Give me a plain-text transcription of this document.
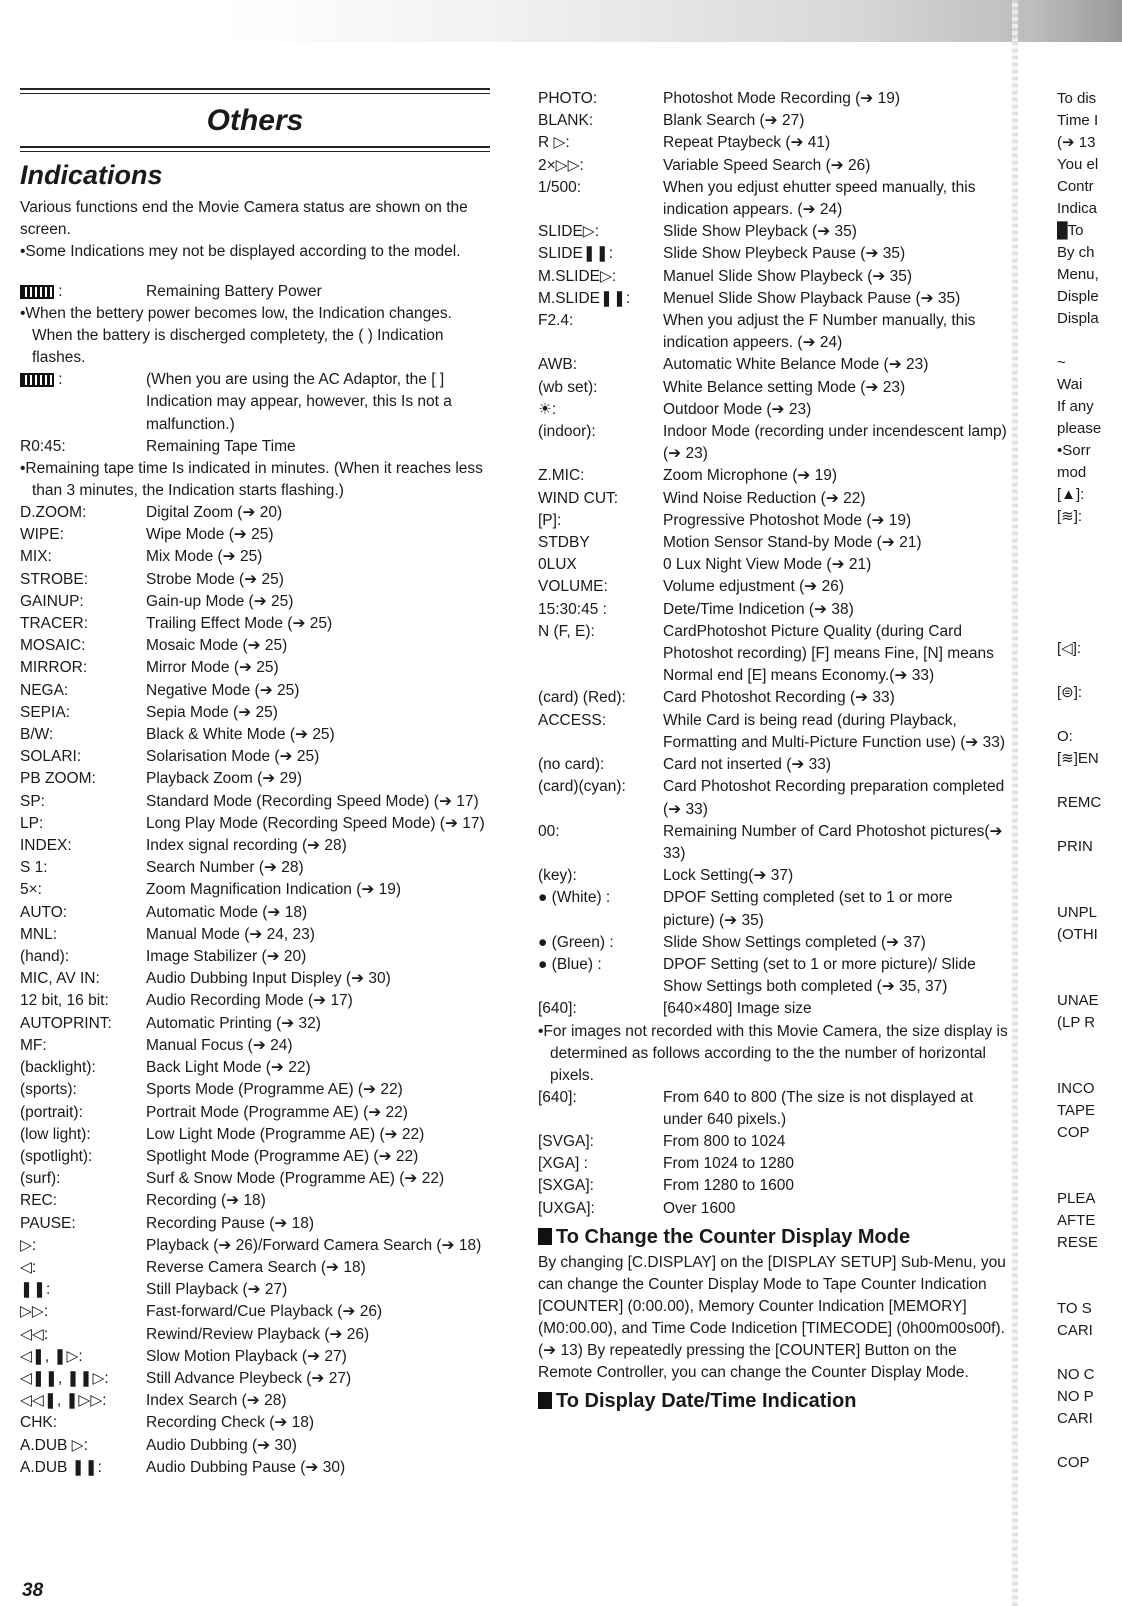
Others
Indications

Various functions end the Movie Camera status are shown on the screen.

•Some Indications mey not be displayed according to the model.

:	Remaining Battery Power

•When the bettery power becomes low, the Indication changes. When the battery is discherged completety, the ( ) Indication flashes.

:	(When you are using the AC Adaptor, the [ ] Indication may appear, however, this Is not a malfunction.)
R0:45:	Remaining Tape Time

•Remaining tape time Is indicated in minutes. (When it reaches less than 3 minutes, the Indication starts flashing.)

D.ZOOM:	Digital Zoom (➔ 20)
WIPE:	Wipe Mode (➔ 25)
MIX:	Mix Mode (➔ 25)
STROBE:	Strobe Mode (➔ 25)
GAINUP:	Gain-up Mode (➔ 25)
TRACER:	Trailing Effect Mode (➔ 25)
MOSAIC:	Mosaic Mode (➔ 25)
MIRROR:	Mirror Mode (➔ 25)
NEGA:	Negative Mode (➔ 25)
SEPIA:	Sepia Mode (➔ 25)
B/W:	Black & White Mode (➔ 25)
SOLARI:	Solarisation Mode (➔ 25)
PB ZOOM:	Playback Zoom (➔ 29)
SP:	Standard Mode (Recording Speed Mode) (➔ 17)
LP:	Long Play Mode (Recording Speed Mode) (➔ 17)
INDEX:	Index signal recording (➔ 28)
S 1:	Search Number (➔ 28)
5×:	Zoom Magnification Indication (➔ 19)
AUTO:	Automatic Mode (➔ 18)
MNL:	Manual Mode (➔ 24, 23)
(hand):	Image Stabilizer (➔ 20)
MIC, AV IN:	Audio Dubbing Input Displey (➔ 30)
12 bit, 16 bit:	Audio Recording Mode (➔ 17)
AUTOPRINT:	Automatic Printing (➔ 32)
MF:	Manual Focus (➔ 24)
(backlight):	Back Light Mode (➔ 22)
(sports):	Sports Mode (Programme AE) (➔ 22)
(portrait):	Portrait Mode (Programme AE) (➔ 22)
(low light):	Low Light Mode (Programme AE) (➔ 22)
(spotlight):	Spotlight Mode (Programme AE) (➔ 22)
(surf):	Surf & Snow Mode (Programme AE) (➔ 22)
REC:	Recording (➔ 18)
PAUSE:	Recording Pause (➔ 18)
▷:	Playback (➔ 26)/Forward Camera Search (➔ 18)
◁:	Reverse Camera Search (➔ 18)
❚❚:	Still Playback (➔ 27)
▷▷:	Fast-forward/Cue Playback (➔ 26)
◁◁:	Rewind/Review Playback (➔ 26)
◁❚, ❚▷:	Slow Motion Playback (➔ 27)
◁❚❚, ❚❚▷:	Still Advance Pleybeck (➔ 27)
◁◁❚, ❚▷▷:	Index Search (➔ 28)
CHK:	Recording Check (➔ 18)
A.DUB ▷:	Audio Dubbing (➔ 30)
A.DUB ❚❚:	Audio Dubbing Pause (➔ 30)
PHOTO:	Photoshot Mode Recording (➔ 19)
BLANK:	Blank Search (➔ 27)
R ▷:	Repeat Ptaybeck (➔ 41)
2×▷▷:	Variable Speed Search (➔ 26)
1/500:	When you edjust ehutter speed manually, this indication appears. (➔ 24)
SLIDE▷:	Slide Show Pleyback (➔ 35)
SLIDE❚❚:	Slide Show Pleybeck Pause (➔ 35)
M.SLIDE▷:	Manuel Slide Show Playbeck (➔ 35)
M.SLIDE❚❚:	Menuel Slide Show Playback Pause (➔ 35)
F2.4:	When you adjust the F Number manually, this indication appeers. (➔ 24)
AWB:	Automatic White Belance Mode (➔ 23)
(wb set):	White Belance setting Mode (➔ 23)
☀:	Outdoor Mode (➔ 23)
(indoor):	Indoor Mode (recording under incendescent lamp) (➔ 23)
Z.MIC:	Zoom Microphone (➔ 19)
WIND CUT:	Wind Noise Reduction (➔ 22)
[P]:	Progressive Photoshot Mode (➔ 19)
STDBY	Motion Sensor Stand-by Mode (➔ 21)
0LUX	0 Lux Night View Mode (➔ 21)
VOLUME:	Volume edjustment (➔ 26)
15:30:45 :	Dete/Time Indicetion (➔ 38)
N (F, E):	CardPhotoshot Picture Quality (during Card Photoshot recording) [F] means Fine, [N] means Normal end [E] means Economy.(➔ 33)
(card) (Red):	Card Photoshot Recording (➔ 33)
ACCESS:	While Card is being read (during Playback, Formatting and Multi-Picture Function use) (➔ 33)
(no card):	Card not inserted (➔ 33)
(card)(cyan):	Card Photoshot Recording preparation completed (➔ 33)
00:	Remaining Number of Card Photoshot pictures(➔ 33)
(key):	Lock Setting(➔ 37)
● (White) :	DPOF Setting completed (set to 1 or more picture) (➔ 35)
● (Green) :	Slide Show Settings completed (➔ 37)
● (Blue) :	DPOF Setting (set to 1 or more picture)/ Slide Show Settings both completed (➔ 35, 37)
[640]:	[640×480] Image size

•For images not recorded with this Movie Camera, the size display is determined as follows according to the the number of horizontal pixels.

[640]:	From 640 to 800 (The size is not displayed at under 640 pixels.)
[SVGA]:	From 800 to 1024
[XGA] :	From 1024 to 1280
[SXGA]:	From 1280 to 1600
[UXGA]:	Over 1600
To Change the Counter Display Mode

By changing [C.DISPLAY] on the [DISPLAY SETUP] Sub-Menu, you can change the Counter Display Mode to Tape Counter Indication [COUNTER] (0:00.00), Memory Counter Indication [MEMORY] (M0:00.00), and Time Code Indicetion [TIMECODE] (0h00m00s00f). (➔ 13) By repeatedly pressing the [COUNTER] Button on the Remote Controller, you can change the Counter Display Mode.

To Display Date/Time Indication
To dis
Time I
(➔ 13
You el
Contr
Indica
█To
By ch
Menu,
Disple
Displa

~
Wai
If any
please
•Sorr
mod
[▲]:
[≋]:

[◁]:

[⊜]:

O:
[≋]EN

REMC

PRIN

UNPL
(OTHI

UNAE
(LP R

INCO
TAPE
COP

PLEA
AFTE
RESE

TO S
CARI

NO C
NO P
CARI

COP
38
